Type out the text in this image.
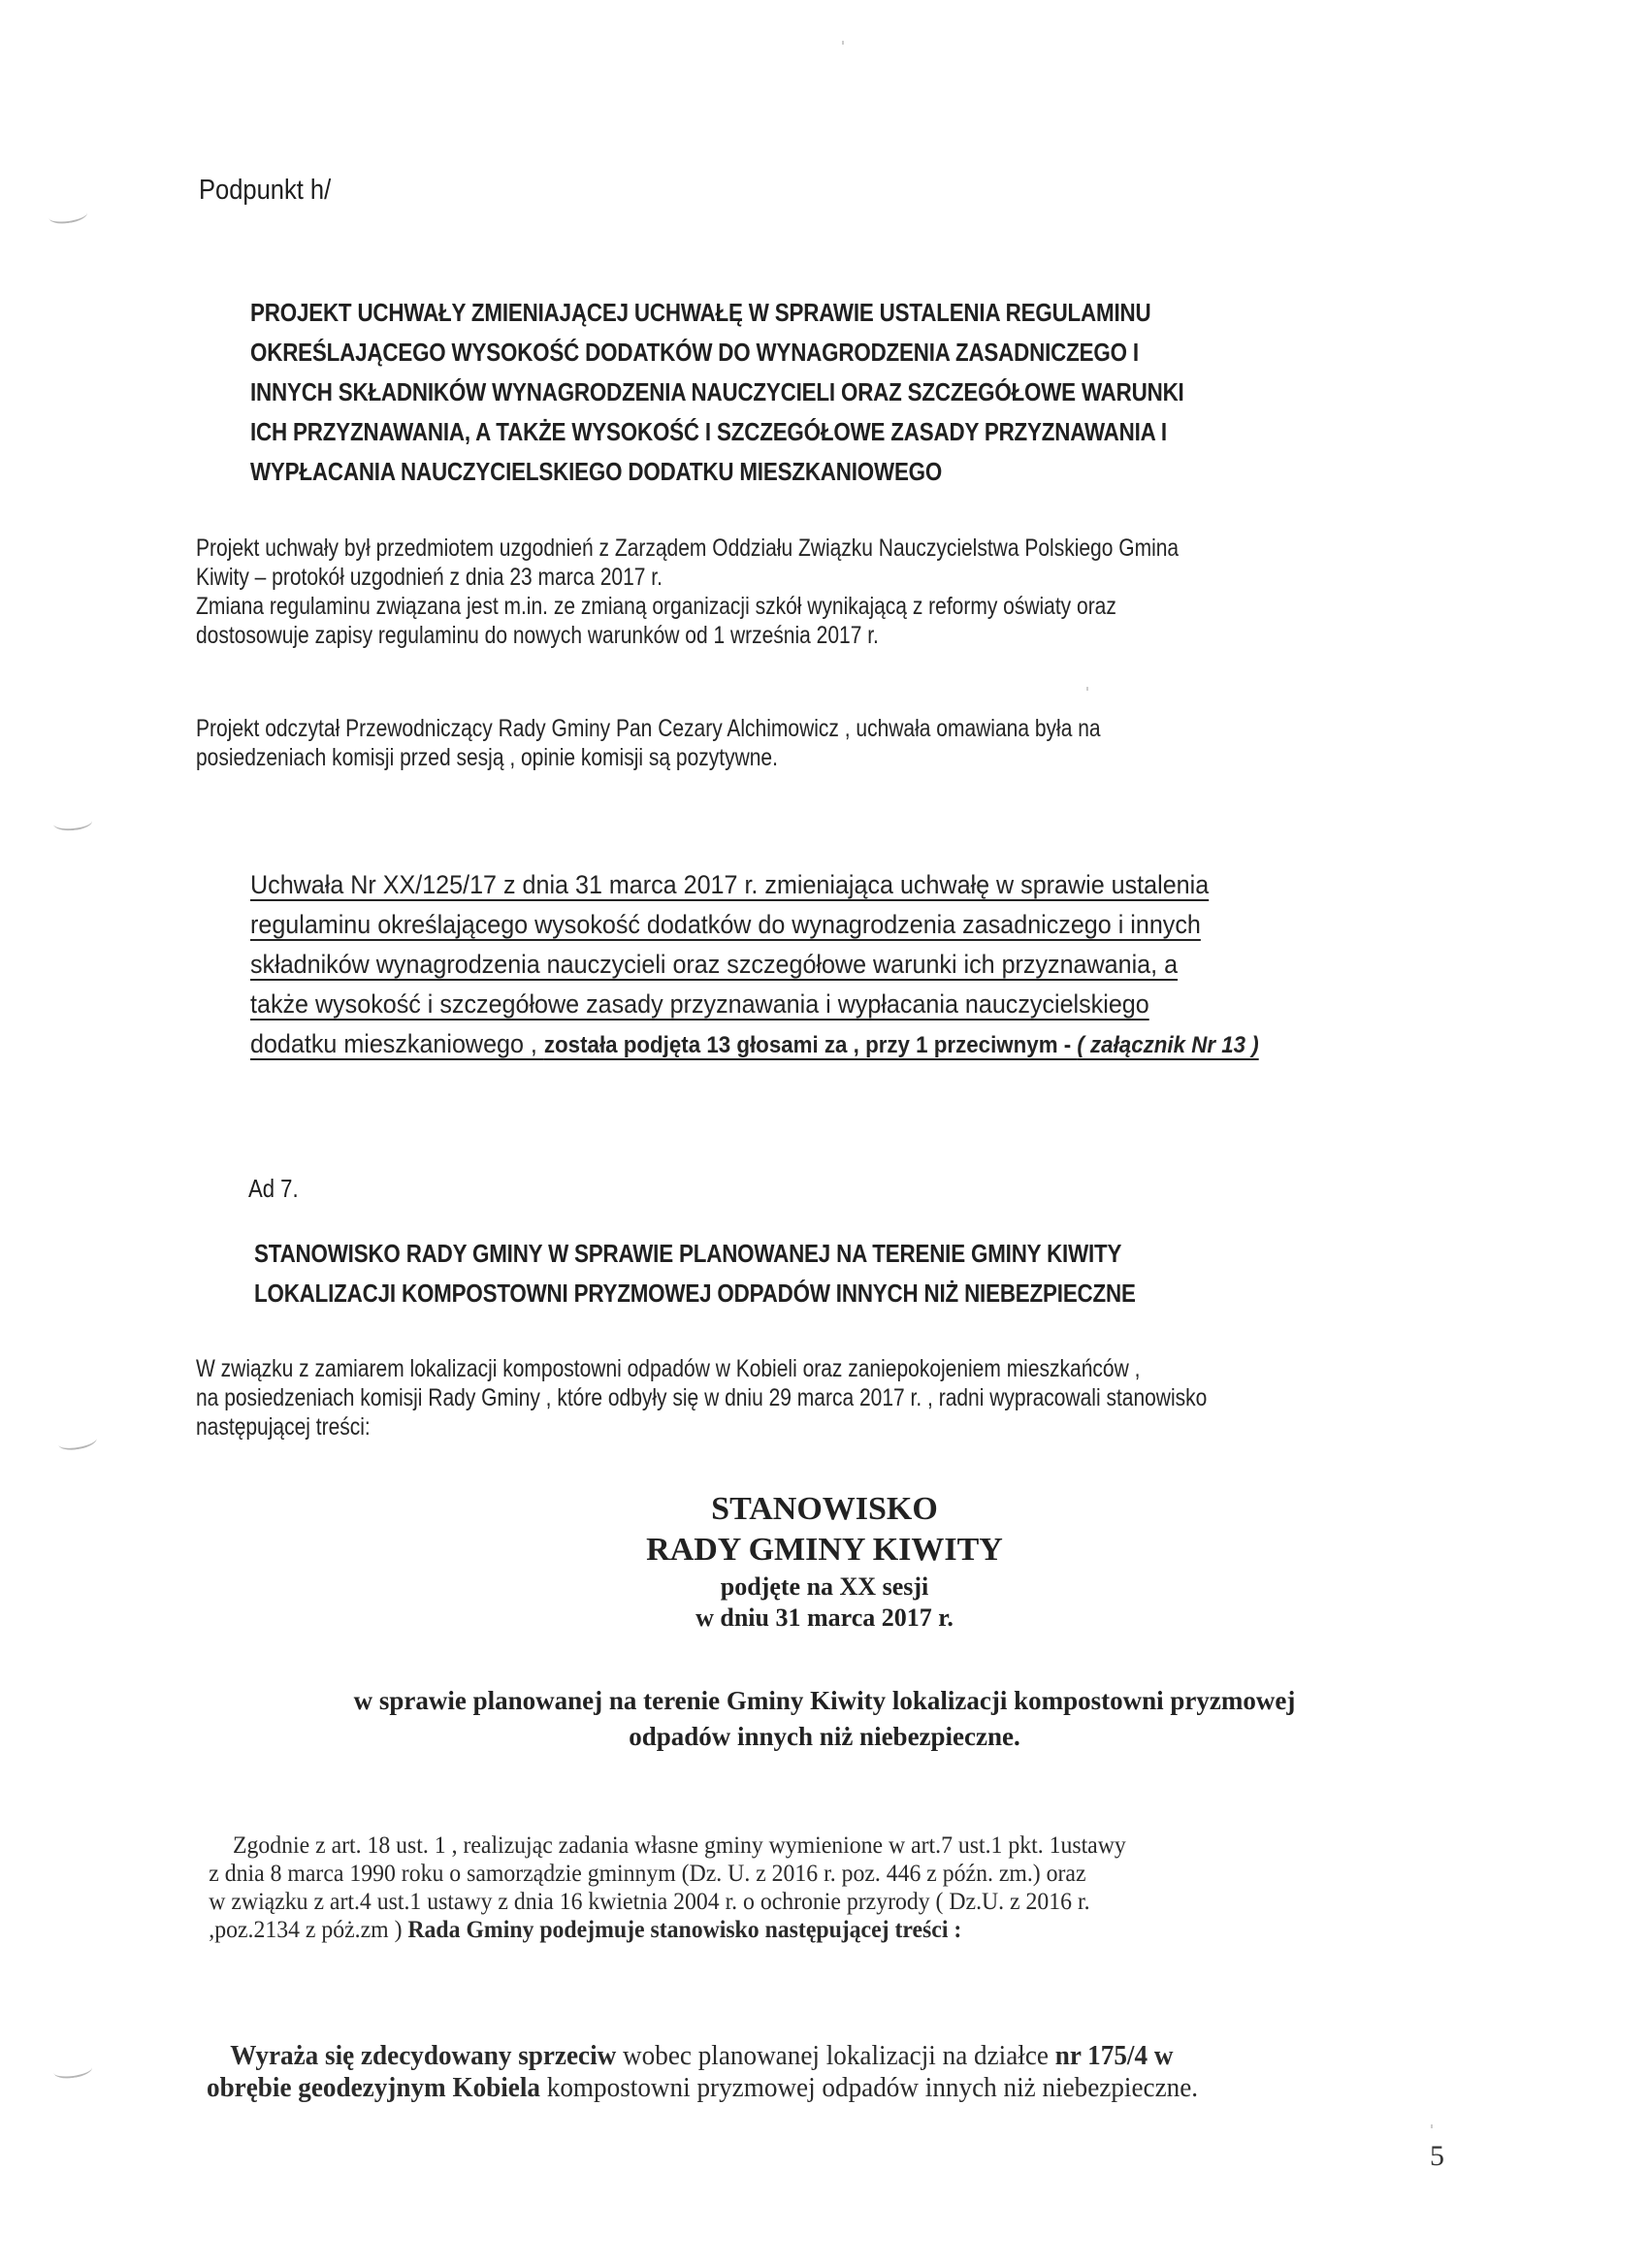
Podpunkt h/
PROJEKT UCHWAŁY ZMIENIAJĄCEJ UCHWAŁĘ W SPRAWIE USTALENIA REGULAMINU
OKREŚLAJĄCEGO WYSOKOŚĆ DODATKÓW DO WYNAGRODZENIA ZASADNICZEGO I
INNYCH SKŁADNIKÓW WYNAGRODZENIA NAUCZYCIELI ORAZ SZCZEGÓŁOWE WARUNKI
ICH PRZYZNAWANIA, A TAKŻE WYSOKOŚĆ I SZCZEGÓŁOWE ZASADY PRZYZNAWANIA I
WYPŁACANIA NAUCZYCIELSKIEGO DODATKU MIESZKANIOWEGO
Projekt uchwały był przedmiotem uzgodnień z Zarządem Oddziału Związku Nauczycielstwa Polskiego Gmina
Kiwity – protokół uzgodnień z dnia 23 marca 2017 r.
Zmiana regulaminu związana jest m.in. ze zmianą organizacji szkół wynikającą z reformy oświaty oraz
dostosowuje zapisy regulaminu do nowych warunków od 1 września 2017 r.
Projekt odczytał Przewodniczący Rady Gminy Pan Cezary Alchimowicz , uchwała omawiana była na
posiedzeniach komisji przed sesją , opinie komisji są pozytywne.
Uchwała Nr XX/125/17 z dnia 31 marca 2017 r. zmieniająca uchwałę w sprawie ustalenia
regulaminu określającego wysokość dodatków do wynagrodzenia zasadniczego i innych
składników wynagrodzenia nauczycieli oraz szczegółowe warunki ich przyznawania, a
także wysokość i szczegółowe zasady przyznawania i wypłacania nauczycielskiego
dodatku mieszkaniowego , została podjęta 13 głosami za , przy 1 przeciwnym - ( załącznik Nr 13 )
Ad 7.
STANOWISKO RADY GMINY W SPRAWIE PLANOWANEJ NA TERENIE GMINY KIWITY
LOKALIZACJI KOMPOSTOWNI PRYZMOWEJ ODPADÓW INNYCH NIŻ NIEBEZPIECZNE
W związku z zamiarem lokalizacji kompostowni odpadów w Kobieli oraz zaniepokojeniem mieszkańców ,
na posiedzeniach komisji Rady Gminy , które odbyły się w dniu 29 marca 2017 r. , radni wypracowali stanowisko
następującej treści:
STANOWISKO
RADY GMINY KIWITY
podjęte na XX sesji
w dniu 31 marca 2017 r.
w sprawie planowanej na terenie Gminy Kiwity lokalizacji kompostowni pryzmowej
odpadów innych niż niebezpieczne.
Zgodnie z art. 18 ust. 1 , realizując zadania własne gminy wymienione w art.7 ust.1 pkt. 1ustawy
z dnia 8 marca 1990 roku o samorządzie gminnym (Dz. U. z 2016 r. poz. 446 z późn. zm.) oraz
w związku z art.4 ust.1 ustawy z dnia 16 kwietnia 2004 r. o ochronie przyrody ( Dz.U. z 2016 r.
,poz.2134 z póż.zm ) Rada Gminy podejmuje stanowisko następującej treści :
Wyraża się zdecydowany sprzeciw wobec planowanej lokalizacji na działce nr 175/4 w
obrębie geodezyjnym Kobiela kompostowni pryzmowej odpadów innych niż niebezpieczne.
5
